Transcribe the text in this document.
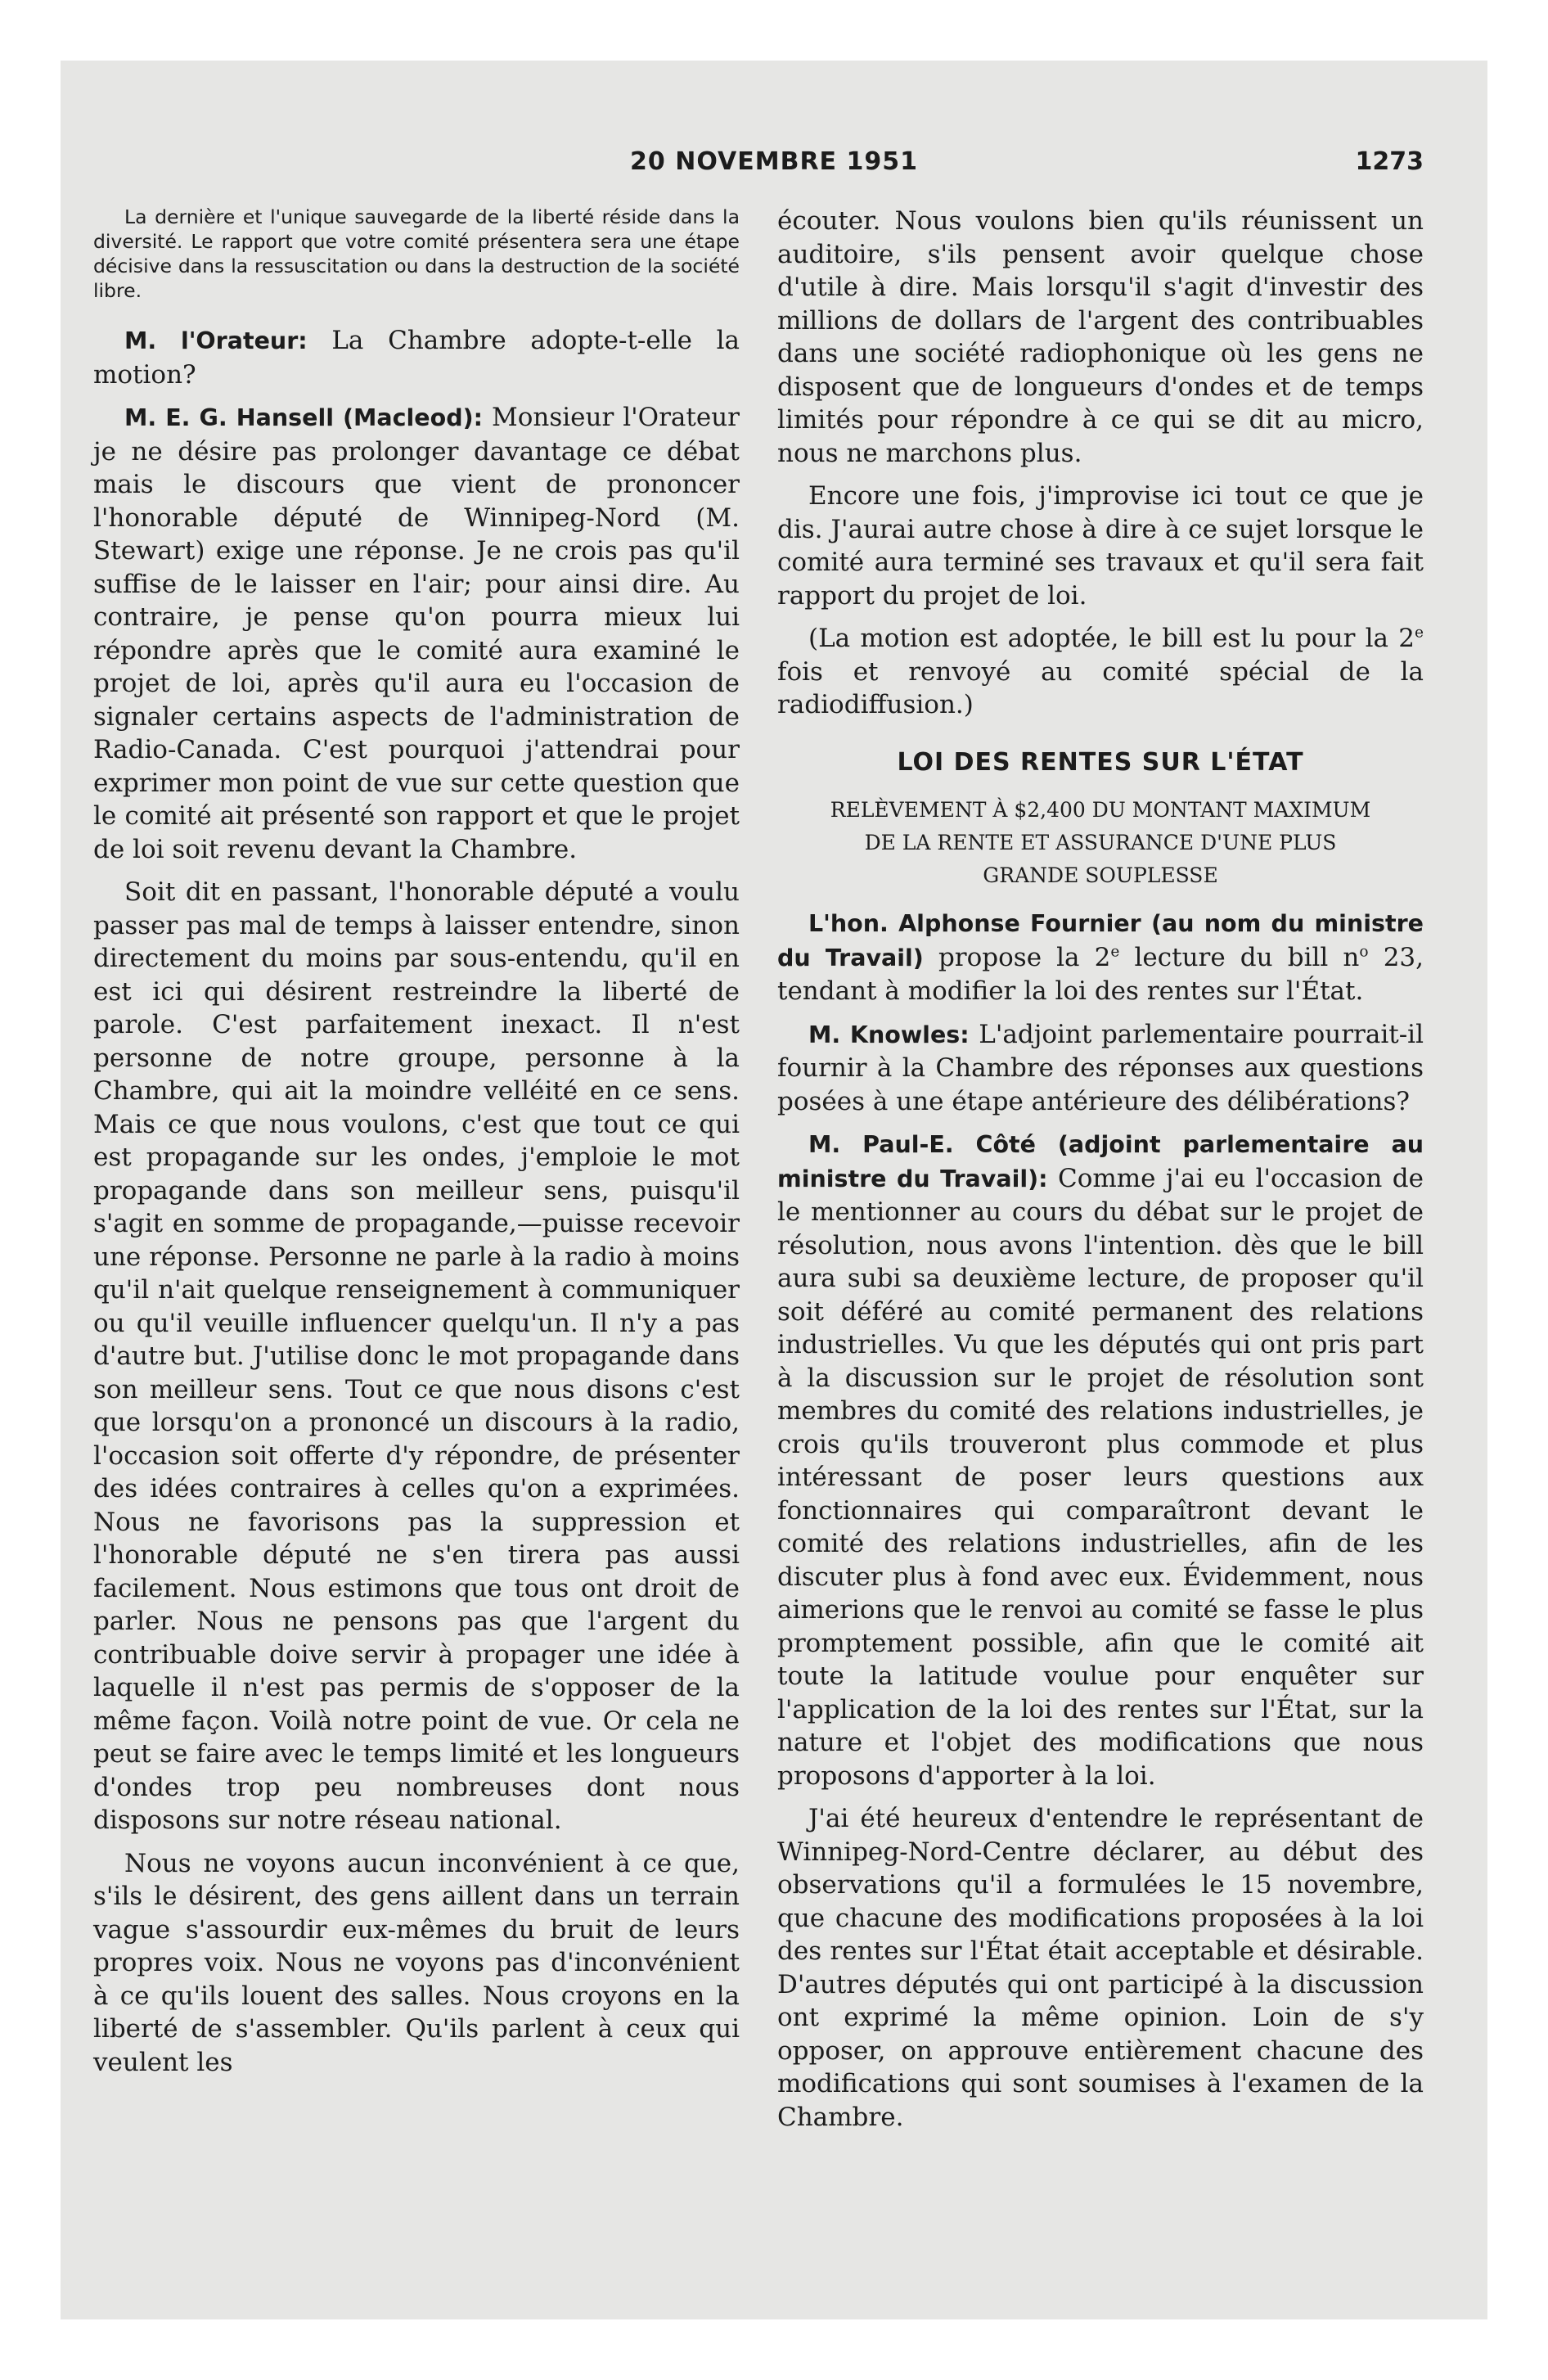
20 NOVEMBRE 1951	1273

La dernière et l'unique sauvegarde de la liberté réside dans la diversité. Le rapport que votre comité présentera sera une étape décisive dans la ressuscitation ou dans la destruction de la société libre.

M. l'Orateur: La Chambre adopte-t-elle la motion?

M. E. G. Hansell (Macleod): Monsieur l'Orateur je ne désire pas prolonger davantage ce débat mais le discours que vient de prononcer l'honorable député de Winnipeg-Nord (M. Stewart) exige une réponse. Je ne crois pas qu'il suffise de le laisser en l'air; pour ainsi dire. Au contraire, je pense qu'on pourra mieux lui répondre après que le comité aura examiné le projet de loi, après qu'il aura eu l'occasion de signaler certains aspects de l'administration de Radio-Canada. C'est pourquoi j'attendrai pour exprimer mon point de vue sur cette question que le comité ait présenté son rapport et que le projet de loi soit revenu devant la Chambre.

Soit dit en passant, l'honorable député a voulu passer pas mal de temps à laisser entendre, sinon directement du moins par sous-entendu, qu'il en est ici qui désirent restreindre la liberté de parole. C'est parfaitement inexact. Il n'est personne de notre groupe, personne à la Chambre, qui ait la moindre velléité en ce sens. Mais ce que nous voulons, c'est que tout ce qui est propagande sur les ondes, j'emploie le mot propagande dans son meilleur sens, puisqu'il s'agit en somme de propagande,—puisse recevoir une réponse. Personne ne parle à la radio à moins qu'il n'ait quelque renseignement à communiquer ou qu'il veuille influencer quelqu'un. Il n'y a pas d'autre but. J'utilise donc le mot propagande dans son meilleur sens. Tout ce que nous disons c'est que lorsqu'on a prononcé un discours à la radio, l'occasion soit offerte d'y répondre, de présenter des idées contraires à celles qu'on a exprimées. Nous ne favorisons pas la suppression et l'honorable député ne s'en tirera pas aussi facilement. Nous estimons que tous ont droit de parler. Nous ne pensons pas que l'argent du contribuable doive servir à propager une idée à laquelle il n'est pas permis de s'opposer de la même façon. Voilà notre point de vue. Or cela ne peut se faire avec le temps limité et les longueurs d'ondes trop peu nombreuses dont nous disposons sur notre réseau national.

Nous ne voyons aucun inconvénient à ce que, s'ils le désirent, des gens aillent dans un terrain vague s'assourdir eux-mêmes du bruit de leurs propres voix. Nous ne voyons pas d'inconvénient à ce qu'ils louent des salles. Nous croyons en la liberté de s'assembler. Qu'ils parlent à ceux qui veulent les

écouter. Nous voulons bien qu'ils réunissent un auditoire, s'ils pensent avoir quelque chose d'utile à dire. Mais lorsqu'il s'agit d'investir des millions de dollars de l'argent des contribuables dans une société radiophonique où les gens ne disposent que de longueurs d'ondes et de temps limités pour répondre à ce qui se dit au micro, nous ne marchons plus.

Encore une fois, j'improvise ici tout ce que je dis. J'aurai autre chose à dire à ce sujet lorsque le comité aura terminé ses travaux et qu'il sera fait rapport du projet de loi.

(La motion est adoptée, le bill est lu pour la 2e fois et renvoyé au comité spécial de la radiodiffusion.)

LOI DES RENTES SUR L'ÉTAT
RELÈVEMENT À $2,400 DU MONTANT MAXIMUM
DE LA RENTE ET ASSURANCE D'UNE PLUS
GRANDE SOUPLESSE

L'hon. Alphonse Fournier (au nom du ministre du Travail) propose la 2e lecture du bill $n^o$ 23, tendant à modifier la loi des rentes sur l'État.

M. Knowles: L'adjoint parlementaire pourrait-il fournir à la Chambre des réponses aux questions posées à une étape antérieure des délibérations?

M. Paul-E. Côté (adjoint parlementaire au ministre du Travail): Comme j'ai eu l'occasion de le mentionner au cours du débat sur le projet de résolution, nous avons l'intention. dès que le bill aura subi sa deuxième lecture, de proposer qu'il soit déféré au comité permanent des relations industrielles. Vu que les députés qui ont pris part à la discussion sur le projet de résolution sont membres du comité des relations industrielles, je crois qu'ils trouveront plus commode et plus intéressant de poser leurs questions aux fonctionnaires qui comparaîtront devant le comité des relations industrielles, afin de les discuter plus à fond avec eux. Évidemment, nous aimerions que le renvoi au comité se fasse le plus promptement possible, afin que le comité ait toute la latitude voulue pour enquêter sur l'application de la loi des rentes sur l'État, sur la nature et l'objet des modifications que nous proposons d'apporter à la loi.

J'ai été heureux d'entendre le représentant de Winnipeg-Nord-Centre déclarer, au début des observations qu'il a formulées le 15 novembre, que chacune des modifications proposées à la loi des rentes sur l'État était acceptable et désirable. D'autres députés qui ont participé à la discussion ont exprimé la même opinion. Loin de s'y opposer, on approuve entièrement chacune des modifications qui sont soumises à l'examen de la Chambre.
